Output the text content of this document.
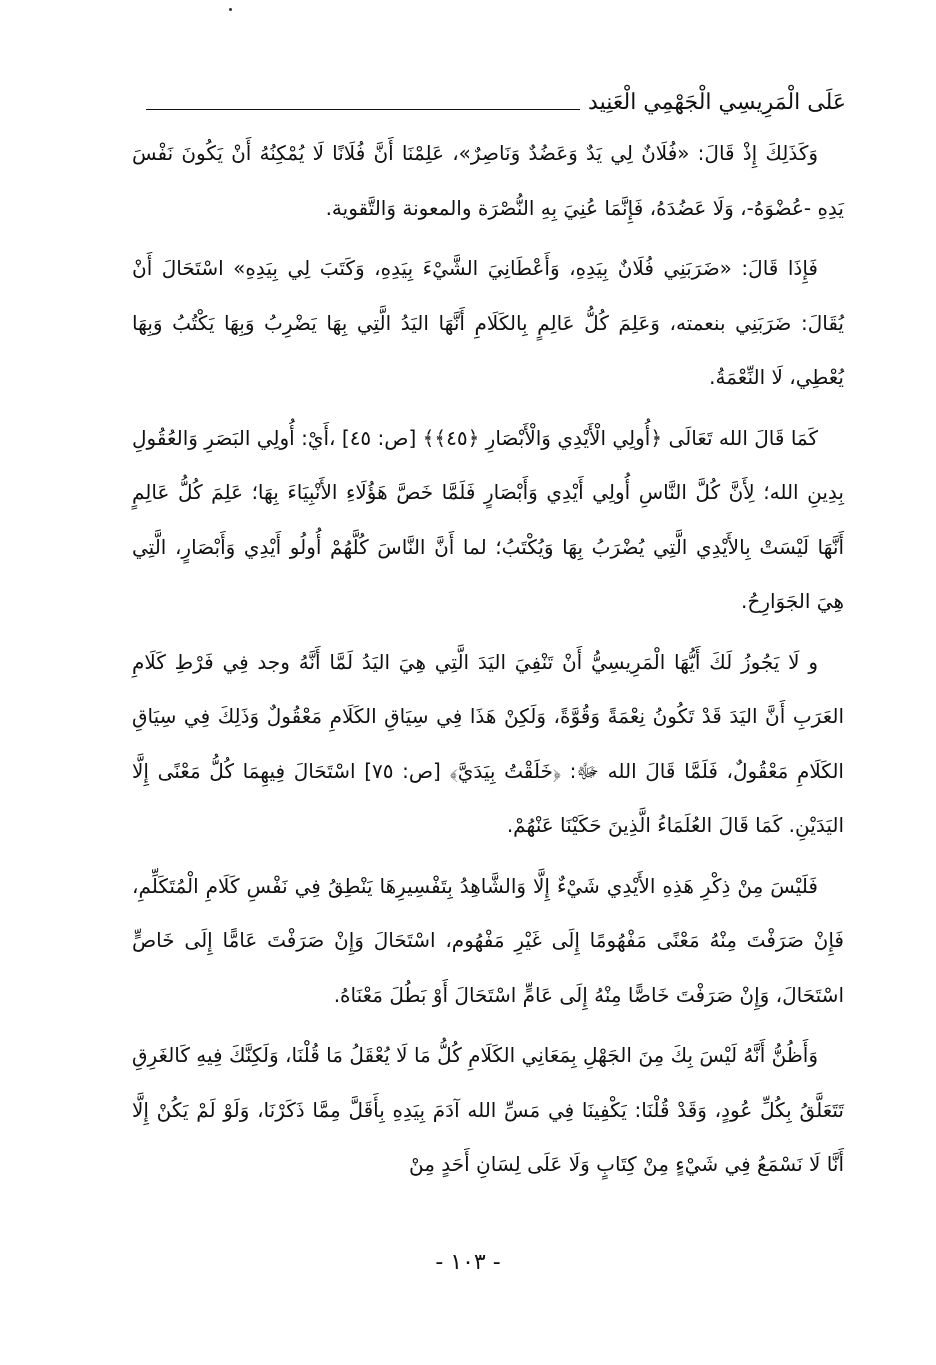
عَلَى الْمَرِيسِي الْجَهْمِي الْعَنِيد

وَكَذَلِكَ إِذْ قَالَ: «فُلَانٌ لِي يَدٌ وَعَضُدٌ وَنَاصِرٌ»، عَلِمْنَا أَنَّ فُلَانًا لَا يُمْكِنُهُ أَنْ يَكُونَ نَفْسَ يَدِهِ -عُضْوَهُ-، وَلَا عَضُدَهُ، فَإِنَّمَا عُنِيَ بِهِ النُّصْرَة والمعونة وَالتَّقوية.

فَإِذَا قَالَ: «ضَرَبَنِي فُلَانٌ بِيَدِهِ، وَأَعْطَانِيَ الشَّيْءَ بِيَدِهِ، وَكَتَبَ لِي بِيَدِهِ» اسْتَحَالَ أَنْ يُقَالَ: ضَرَبَنِي بنعمته، وَعَلِمَ كُلُّ عَالِمٍ بِالكَلَامِ أَنَّهَا اليَدُ الَّتِي بِهَا يَضْرِبُ وَبِهَا يَكْتُبُ وَبِهَا يُعْطِي، لَا النِّعْمَةُ.

كَمَا قَالَ الله تَعَالَى ﴿أُولِي الْأَيْدِي وَالْأَبْصَارِ ﴿٤٥﴾﴾ [ص: ٤٥] ،أَيْ: أُولِي البَصَرِ وَالعُقُولِ بِدِينِ الله؛ لِأَنَّ كُلَّ النَّاسِ أُولِي أَيْدِي وَأَبْصَارٍ فَلَمَّا خَصَّ هَؤُلَاءِ الأَنْبِيَاءَ بِهَا؛ عَلِمَ كُلُّ عَالِمٍ أَنَّهَا لَيْسَتْ بِالأَيْدِي الَّتِي يُضْرَبُ بِهَا وَيُكْتَبُ؛ لما أَنَّ النَّاسَ كُلَّهُمْ أُولُو أَيْدِي وَأَبْصَارٍ، الَّتِي هِيَ الجَوَارِحُ.

و لَا يَجُوزُ لَكَ أَيُّهَا الْمَرِيسِيُّ أَنْ تَنْفِيَ اليَدَ الَّتِي هِيَ اليَدُ لَمَّا أَنَّهُ وجد فِي فَرْطِ كَلَامِ العَرَبِ أَنَّ اليَدَ قَدْ تَكُونُ نِعْمَةً وَقُوَّةً، وَلَكِنْ هَذَا فِي سِيَاقِ الكَلَامِ مَعْقُولٌ وَذَلِكَ فِي سِيَاقِ الكَلَامِ مَعْقُولٌ، فَلَمَّا قَالَ الله ﷻ: ﴿خَلَقْتُ بِيَدَيَّ﴾ [ص: ٧٥] اسْتَحَالَ فِيهِمَا كُلُّ مَعْنًى إِلَّا اليَدَيْنِ. كَمَا قَالَ العُلَمَاءُ الَّذِينَ حَكَيْنَا عَنْهُمْ.

فَلَيْسَ مِنْ ذِكْرِ هَذِهِ الأَيْدِي شَيْءٌ إِلَّا وَالشَّاهِدُ بِتَفْسِيرِهَا يَنْطِقُ فِي نَفْسِ كَلَامِ الْمُتَكَلِّمِ، فَإِنْ صَرَفْتَ مِنْهُ مَعْنًى مَفْهُومًا إِلَى غَيْرِ مَفْهُوم، اسْتَحَالَ وَإِنْ صَرَفْتَ عَامًّا إِلَى خَاصٍّ اسْتَحَالَ، وَإِنْ صَرَفْتَ خَاصًّا مِنْهُ إِلَى عَامٍّ اسْتَحَالَ أَوْ بَطُلَ مَعْنَاهُ.

وَأَظُنُّ أَنَّهُ لَيْسَ بِكَ مِنَ الجَهْلِ بِمَعَانِي الكَلَامِ كُلُّ مَا لَا يُعْقَلُ مَا قُلْنَا، وَلَكِنَّكَ فِيهِ كَالغَرِقِ تَتَعَلَّقُ بِكُلِّ عُودٍ، وَقَدْ قُلْنَا: يَكْفِينَا فِي مَسِّ الله آدَمَ بِيَدِهِ بِأَقَلَّ مِمَّا ذَكَرْنَا، وَلَوْ لَمْ يَكُنْ إِلَّا أَنَّا لَا نَسْمَعُ فِي شَيْءٍ مِنْ كِتَابٍ وَلَا عَلَى لِسَانِ أَحَدٍ مِنْ

- ١٠٣ -
